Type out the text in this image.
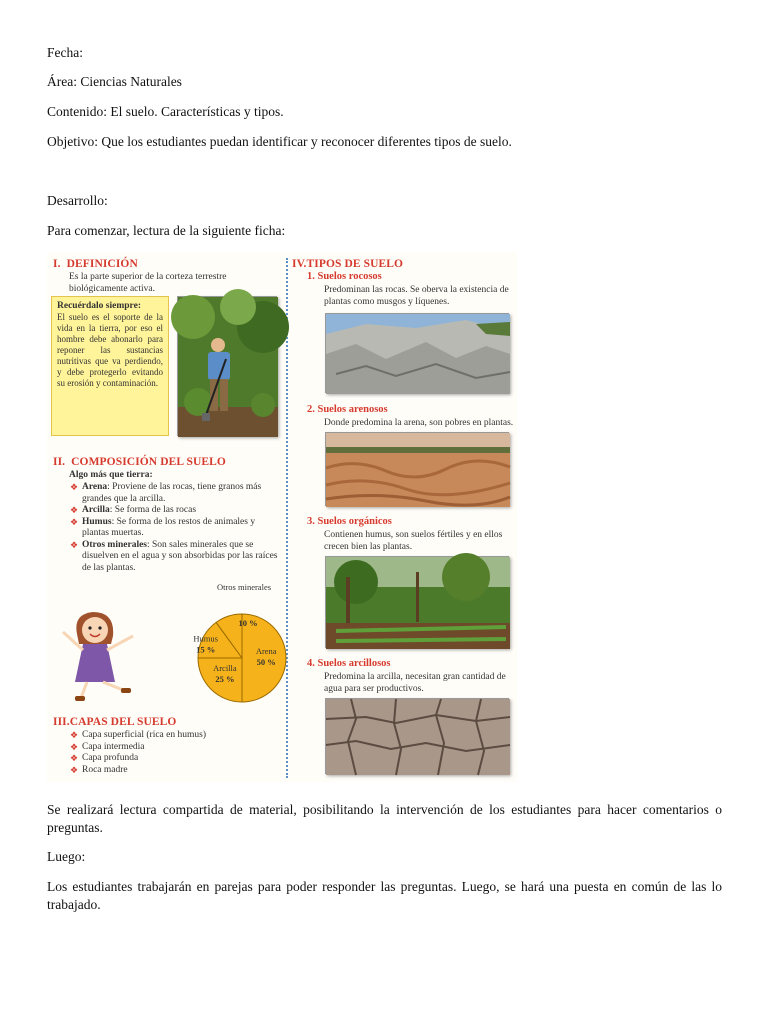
Fecha:

Área: Ciencias Naturales

Contenido: El suelo. Características y tipos.

Objetivo: Que los estudiantes puedan identificar y reconocer diferentes tipos de suelo.

Desarrollo:

Para comenzar, lectura de la siguiente ficha:

I. DEFINICIÓN
Es la parte superior de la corteza terrestre biológicamente activa.
Recuérdalo siempre:
El suelo es el soporte de la vida en la tierra, por eso el hombre debe abonarlo para reponer las sustancias nutritivas que va perdiendo, y debe protegerlo evitando su erosión y contaminación.
II. COMPOSICIÓN DEL SUELO
Algo más que tierra:
❖ Arena: Proviene de las rocas, tiene granos más grandes que la arcilla.
❖ Arcilla: Se forma de las rocas
❖ Humus: Se forma de los restos de animales y plantas muertas.
❖ Otros minerales: Son sales minerales que se disuelven en el agua y son absorbidas por las raíces de las plantas.
Arena
50 %
Arcilla
25 %
Humus
15 %
Otros minerales
10 %
III.CAPAS DEL SUELO
❖ Capa superficial (rica en humus)
❖ Capa intermedia
❖ Capa profunda
❖ Roca madre
IV.TIPOS DE SUELO
1. Suelos rocosos
Predominan las rocas. Se oberva la existencia de plantas como musgos y líquenes.
2. Suelos arenosos
Donde predomina la arena, son pobres en plantas.
3. Suelos orgánicos
Contienen humus, son suelos fértiles y en ellos crecen bien las plantas.
4. Suelos arcillosos
Predomina la arcilla, necesitan gran cantidad de agua para ser productivos.

Se realizará lectura compartida de material, posibilitando la intervención de los estudiantes para hacer comentarios o preguntas.

Luego:

Los estudiantes trabajarán en parejas para poder responder las preguntas. Luego, se hará una puesta en común de las lo trabajado.
